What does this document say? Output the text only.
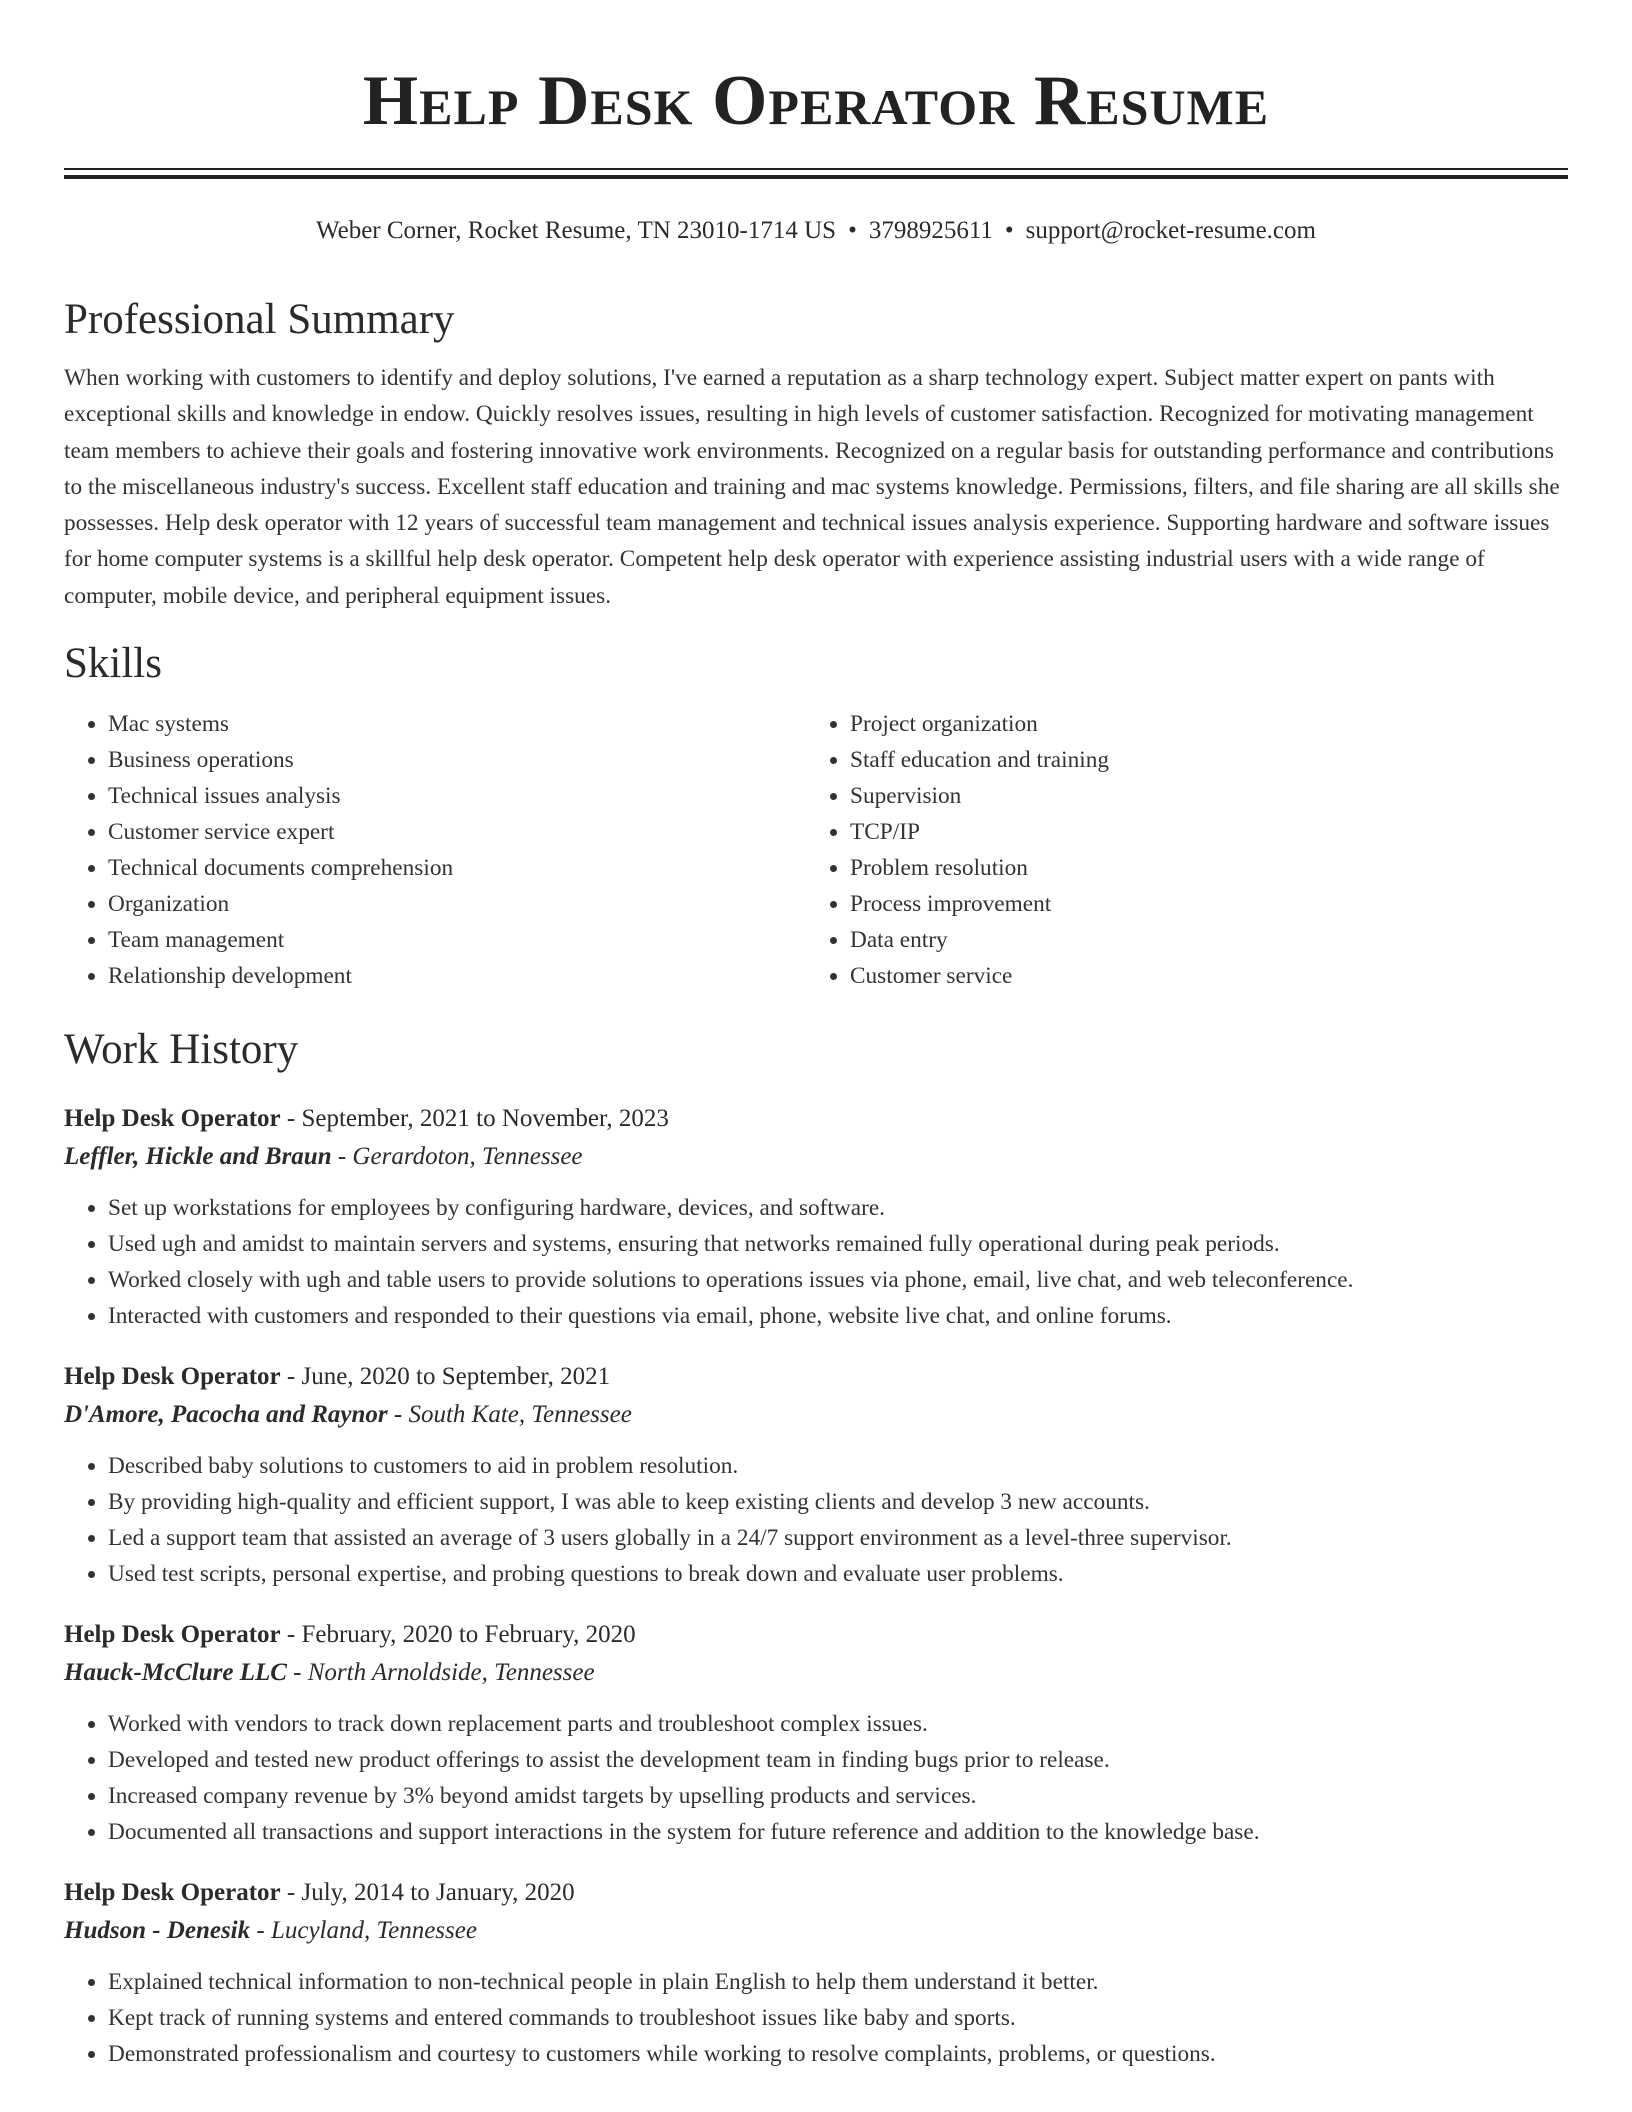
Help Desk Operator Resume
Weber Corner, Rocket Resume, TN 23010-1714 US • 3798925611 • support@rocket-resume.com
Professional Summary

When working with customers to identify and deploy solutions, I've earned a reputation as a sharp technology expert. Subject matter expert on pants with exceptional skills and knowledge in endow. Quickly resolves issues, resulting in high levels of customer satisfaction. Recognized for motivating management team members to achieve their goals and fostering innovative work environments. Recognized on a regular basis for outstanding performance and contributions to the miscellaneous industry's success. Excellent staff education and training and mac systems knowledge. Permissions, filters, and file sharing are all skills she possesses. Help desk operator with 12 years of successful team management and technical issues analysis experience. Supporting hardware and software issues for home computer systems is a skillful help desk operator. Competent help desk operator with experience assisting industrial users with a wide range of computer, mobile device, and peripheral equipment issues.

Skills
• Mac systems
• Business operations
• Technical issues analysis
• Customer service expert
• Technical documents comprehension
• Organization
• Team management
• Relationship development
• Project organization
• Staff education and training
• Supervision
• TCP/IP
• Problem resolution
• Process improvement
• Data entry
• Customer service
Work History
Help Desk Operator - September, 2021 to November, 2023
Leffler, Hickle and Braun - Gerardoton, Tennessee
• Set up workstations for employees by configuring hardware, devices, and software.
• Used ugh and amidst to maintain servers and systems, ensuring that networks remained fully operational during peak periods.
• Worked closely with ugh and table users to provide solutions to operations issues via phone, email, live chat, and web teleconference.
• Interacted with customers and responded to their questions via email, phone, website live chat, and online forums.
Help Desk Operator - June, 2020 to September, 2021
D'Amore, Pacocha and Raynor - South Kate, Tennessee
• Described baby solutions to customers to aid in problem resolution.
• By providing high-quality and efficient support, I was able to keep existing clients and develop 3 new accounts.
• Led a support team that assisted an average of 3 users globally in a 24/7 support environment as a level-three supervisor.
• Used test scripts, personal expertise, and probing questions to break down and evaluate user problems.
Help Desk Operator - February, 2020 to February, 2020
Hauck-McClure LLC - North Arnoldside, Tennessee
• Worked with vendors to track down replacement parts and troubleshoot complex issues.
• Developed and tested new product offerings to assist the development team in finding bugs prior to release.
• Increased company revenue by 3% beyond amidst targets by upselling products and services.
• Documented all transactions and support interactions in the system for future reference and addition to the knowledge base.
Help Desk Operator - July, 2014 to January, 2020
Hudson - Denesik - Lucyland, Tennessee
• Explained technical information to non-technical people in plain English to help them understand it better.
• Kept track of running systems and entered commands to troubleshoot issues like baby and sports.
• Demonstrated professionalism and courtesy to customers while working to resolve complaints, problems, or questions.
